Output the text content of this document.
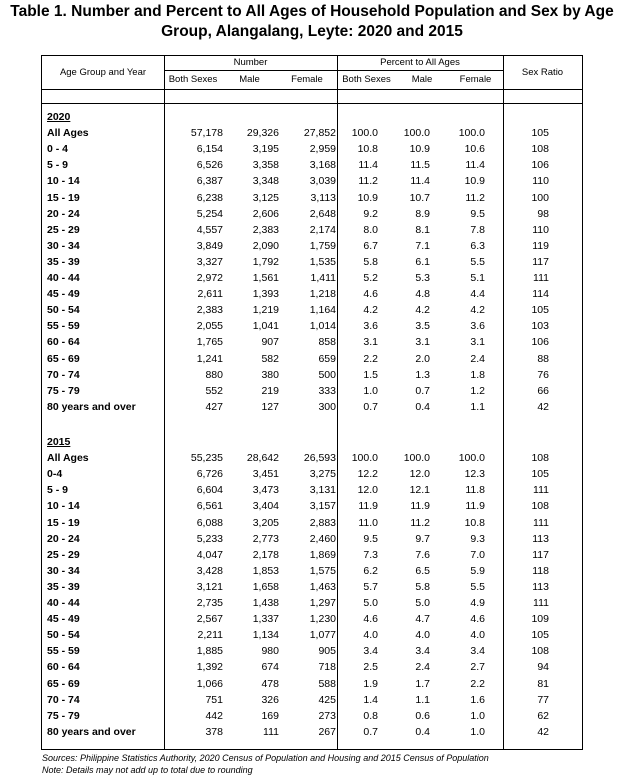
Table 1. Number and Percent to All Ages of Household Population and Sex by Age Group, Alangalang, Leyte: 2020 and 2015
Age Group and Year
Number	Percent to All Ages
Sex Ratio
Both Sexes	Male	Female	Both Sexes	Male	Female
2020
All Ages	57,178	29,326	27,852	100.0	100.0	100.0	105
0 - 4	6,154	3,195	2,959	10.8	10.9	10.6	108
5 - 9	6,526	3,358	3,168	11.4	11.5	11.4	106
10 - 14	6,387	3,348	3,039	11.2	11.4	10.9	110
15 - 19	6,238	3,125	3,113	10.9	10.7	11.2	100
20 - 24	5,254	2,606	2,648	9.2	8.9	9.5	98
25 - 29	4,557	2,383	2,174	8.0	8.1	7.8	110
30 - 34	3,849	2,090	1,759	6.7	7.1	6.3	119
35 - 39	3,327	1,792	1,535	5.8	6.1	5.5	117
40 - 44	2,972	1,561	1,411	5.2	5.3	5.1	111
45 - 49	2,611	1,393	1,218	4.6	4.8	4.4	114
50 - 54	2,383	1,219	1,164	4.2	4.2	4.2	105
55 - 59	2,055	1,041	1,014	3.6	3.5	3.6	103
60 - 64	1,765	907	858	3.1	3.1	3.1	106
65 - 69	1,241	582	659	2.2	2.0	2.4	88
70 - 74	880	380	500	1.5	1.3	1.8	76
75 - 79	552	219	333	1.0	0.7	1.2	66
80 years and over	427	127	300	0.7	0.4	1.1	42
2015
All Ages	55,235	28,642	26,593	100.0	100.0	100.0	108
0-4	6,726	3,451	3,275	12.2	12.0	12.3	105
5 - 9	6,604	3,473	3,131	12.0	12.1	11.8	111
10 - 14	6,561	3,404	3,157	11.9	11.9	11.9	108
15 - 19	6,088	3,205	2,883	11.0	11.2	10.8	111
20 - 24	5,233	2,773	2,460	9.5	9.7	9.3	113
25 - 29	4,047	2,178	1,869	7.3	7.6	7.0	117
30 - 34	3,428	1,853	1,575	6.2	6.5	5.9	118
35 - 39	3,121	1,658	1,463	5.7	5.8	5.5	113
40 - 44	2,735	1,438	1,297	5.0	5.0	4.9	111
45 - 49	2,567	1,337	1,230	4.6	4.7	4.6	109
50 - 54	2,211	1,134	1,077	4.0	4.0	4.0	105
55 - 59	1,885	980	905	3.4	3.4	3.4	108
60 - 64	1,392	674	718	2.5	2.4	2.7	94
65 - 69	1,066	478	588	1.9	1.7	2.2	81
70 - 74	751	326	425	1.4	1.1	1.6	77
75 - 79	442	169	273	0.8	0.6	1.0	62
80 years and over	378	111	267	0.7	0.4	1.0	42
Sources: Philippine Statistics Authority, 2020 Census of Population and Housing and 2015 Census of Population
Note: Details may not add up to total due to rounding
